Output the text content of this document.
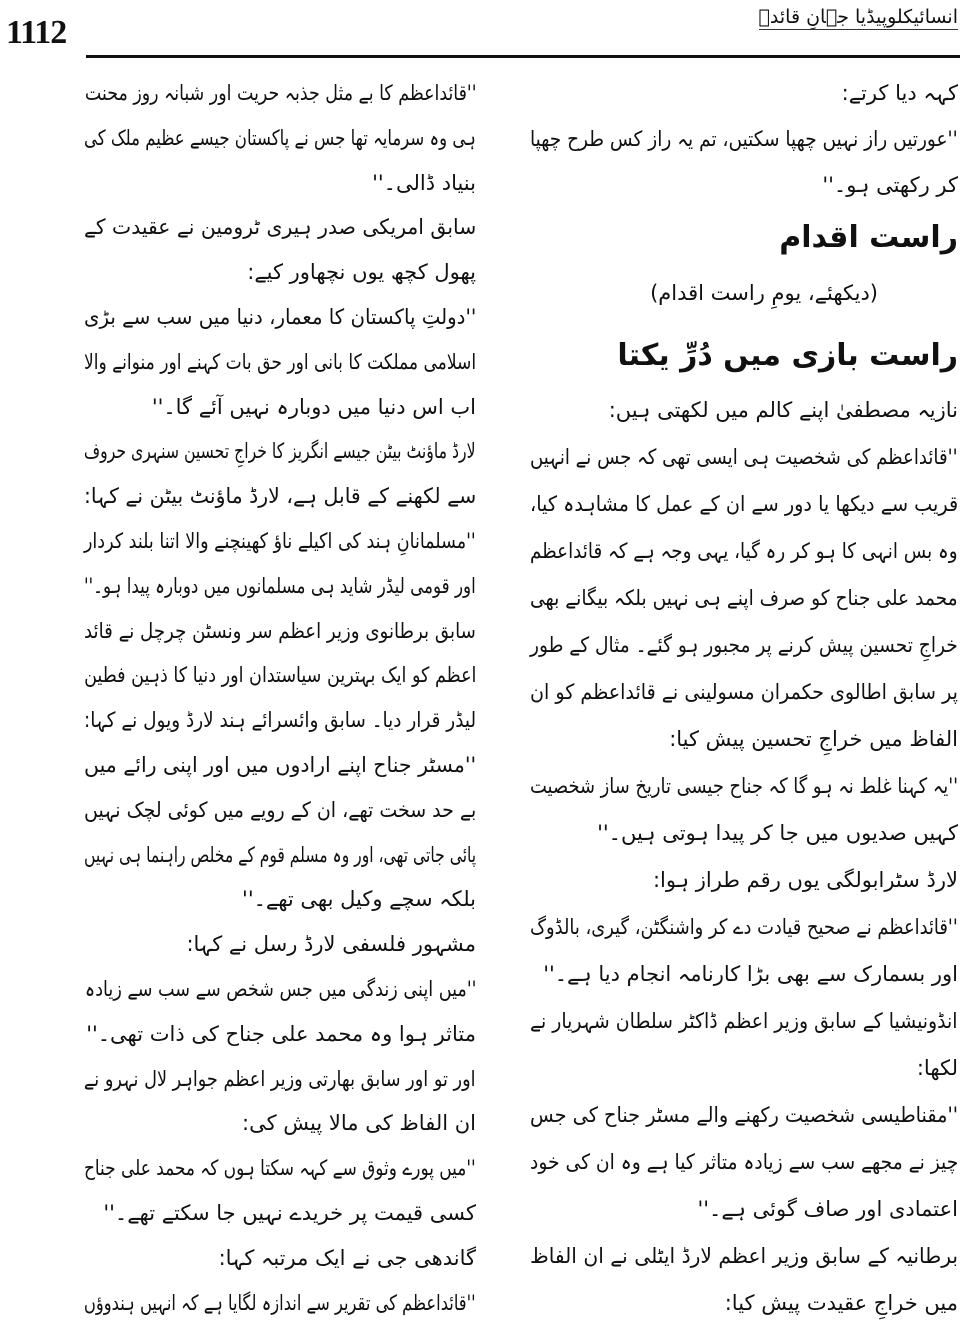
1112	انسائیکلوپیڈیا جہانِ قائدؒ
''قائداعظم کا بے مثل جذبہ حریت اور شبانہ روز محنت
ہی وہ سرمایہ تھا جس نے پاکستان جیسے عظیم ملک کی
بنیاد ڈالی۔''
سابق امریکی صدر ہیری ٹرومین نے عقیدت کے
پھول کچھ یوں نچھاور کیے:
''دولتِ پاکستان کا معمار، دنیا میں سب سے بڑی
اسلامی مملکت کا بانی اور حق بات کہنے اور منوانے والا
اب اس دنیا میں دوبارہ نہیں آئے گا۔''
لارڈ ماؤنٹ بیٹن جیسے انگریز کا خراجِ تحسین سنہری حروف
سے لکھنے کے قابل ہے، لارڈ ماؤنٹ بیٹن نے کہا:
''مسلمانانِ ہند کی اکیلے ناؤ کھینچنے والا اتنا بلند کردار
اور قومی لیڈر شاید ہی مسلمانوں میں دوبارہ پیدا ہو۔''
سابق برطانوی وزیر اعظم سر ونسٹن چرچل نے قائد
اعظم کو ایک بہترین سیاستدان اور دنیا کا ذہین فطین
لیڈر قرار دیا۔ سابق وائسرائے ہند لارڈ ویول نے کہا:
''مسٹر جناح اپنے ارادوں میں اور اپنی رائے میں
بے حد سخت تھے، ان کے رویے میں کوئی لچک نہیں
پائی جاتی تھی، اور وہ مسلم قوم کے مخلص راہنما ہی نہیں
بلکہ سچے وکیل بھی تھے۔''
مشہور فلسفی لارڈ رسل نے کہا:
''میں اپنی زندگی میں جس شخص سے سب سے زیادہ
متاثر ہوا وہ محمد علی جناح کی ذات تھی۔''
اور تو اور سابق بھارتی وزیر اعظم جواہر لال نہرو نے
ان الفاظ کی مالا پیش کی:
''میں پورے وثوق سے کہہ سکتا ہوں کہ محمد علی جناح
کسی قیمت پر خریدے نہیں جا سکتے تھے۔''
گاندھی جی نے ایک مرتبہ کہا:
''قائداعظم کی تقریر سے اندازہ لگایا ہے کہ انہیں ہندوؤں
راست اقدام
(دیکھئے، یومِ راست اقدام)
راست بازی میں دُرِّ یکتا
کہہ دیا کرتے:
''عورتیں راز نہیں چھپا سکتیں، تم یہ راز کس طرح چھپا
کر رکھتی ہو۔''
نازیہ مصطفیٰ اپنے کالم میں لکھتی ہیں:
''قائداعظم کی شخصیت ہی ایسی تھی کہ جس نے انہیں
قریب سے دیکھا یا دور سے ان کے عمل کا مشاہدہ کیا،
وہ بس انہی کا ہو کر رہ گیا، یہی وجہ ہے کہ قائداعظم
محمد علی جناح کو صرف اپنے ہی نہیں بلکہ بیگانے بھی
خراجِ تحسین پیش کرنے پر مجبور ہو گئے۔ مثال کے طور
پر سابق اطالوی حکمران مسولینی نے قائداعظم کو ان
الفاظ میں خراجِ تحسین پیش کیا:
''یہ کہنا غلط نہ ہو گا کہ جناح جیسی تاریخ ساز شخصیت
کہیں صدیوں میں جا کر پیدا ہوتی ہیں۔''
لارڈ سٹرابولگی یوں رقم طراز ہوا:
''قائداعظم نے صحیح قیادت دے کر واشنگٹن، گیری، بالڈوگ
اور بسمارک سے بھی بڑا کارنامہ انجام دیا ہے۔''
انڈونیشیا کے سابق وزیر اعظم ڈاکٹر سلطان شہریار نے
لکھا:
''مقناطیسی شخصیت رکھنے والے مسٹر جناح کی جس
چیز نے مجھے سب سے زیادہ متاثر کیا ہے وہ ان کی خود
اعتمادی اور صاف گوئی ہے۔''
برطانیہ کے سابق وزیر اعظم لارڈ ایٹلی نے ان الفاظ
میں خراجِ عقیدت پیش کیا:
